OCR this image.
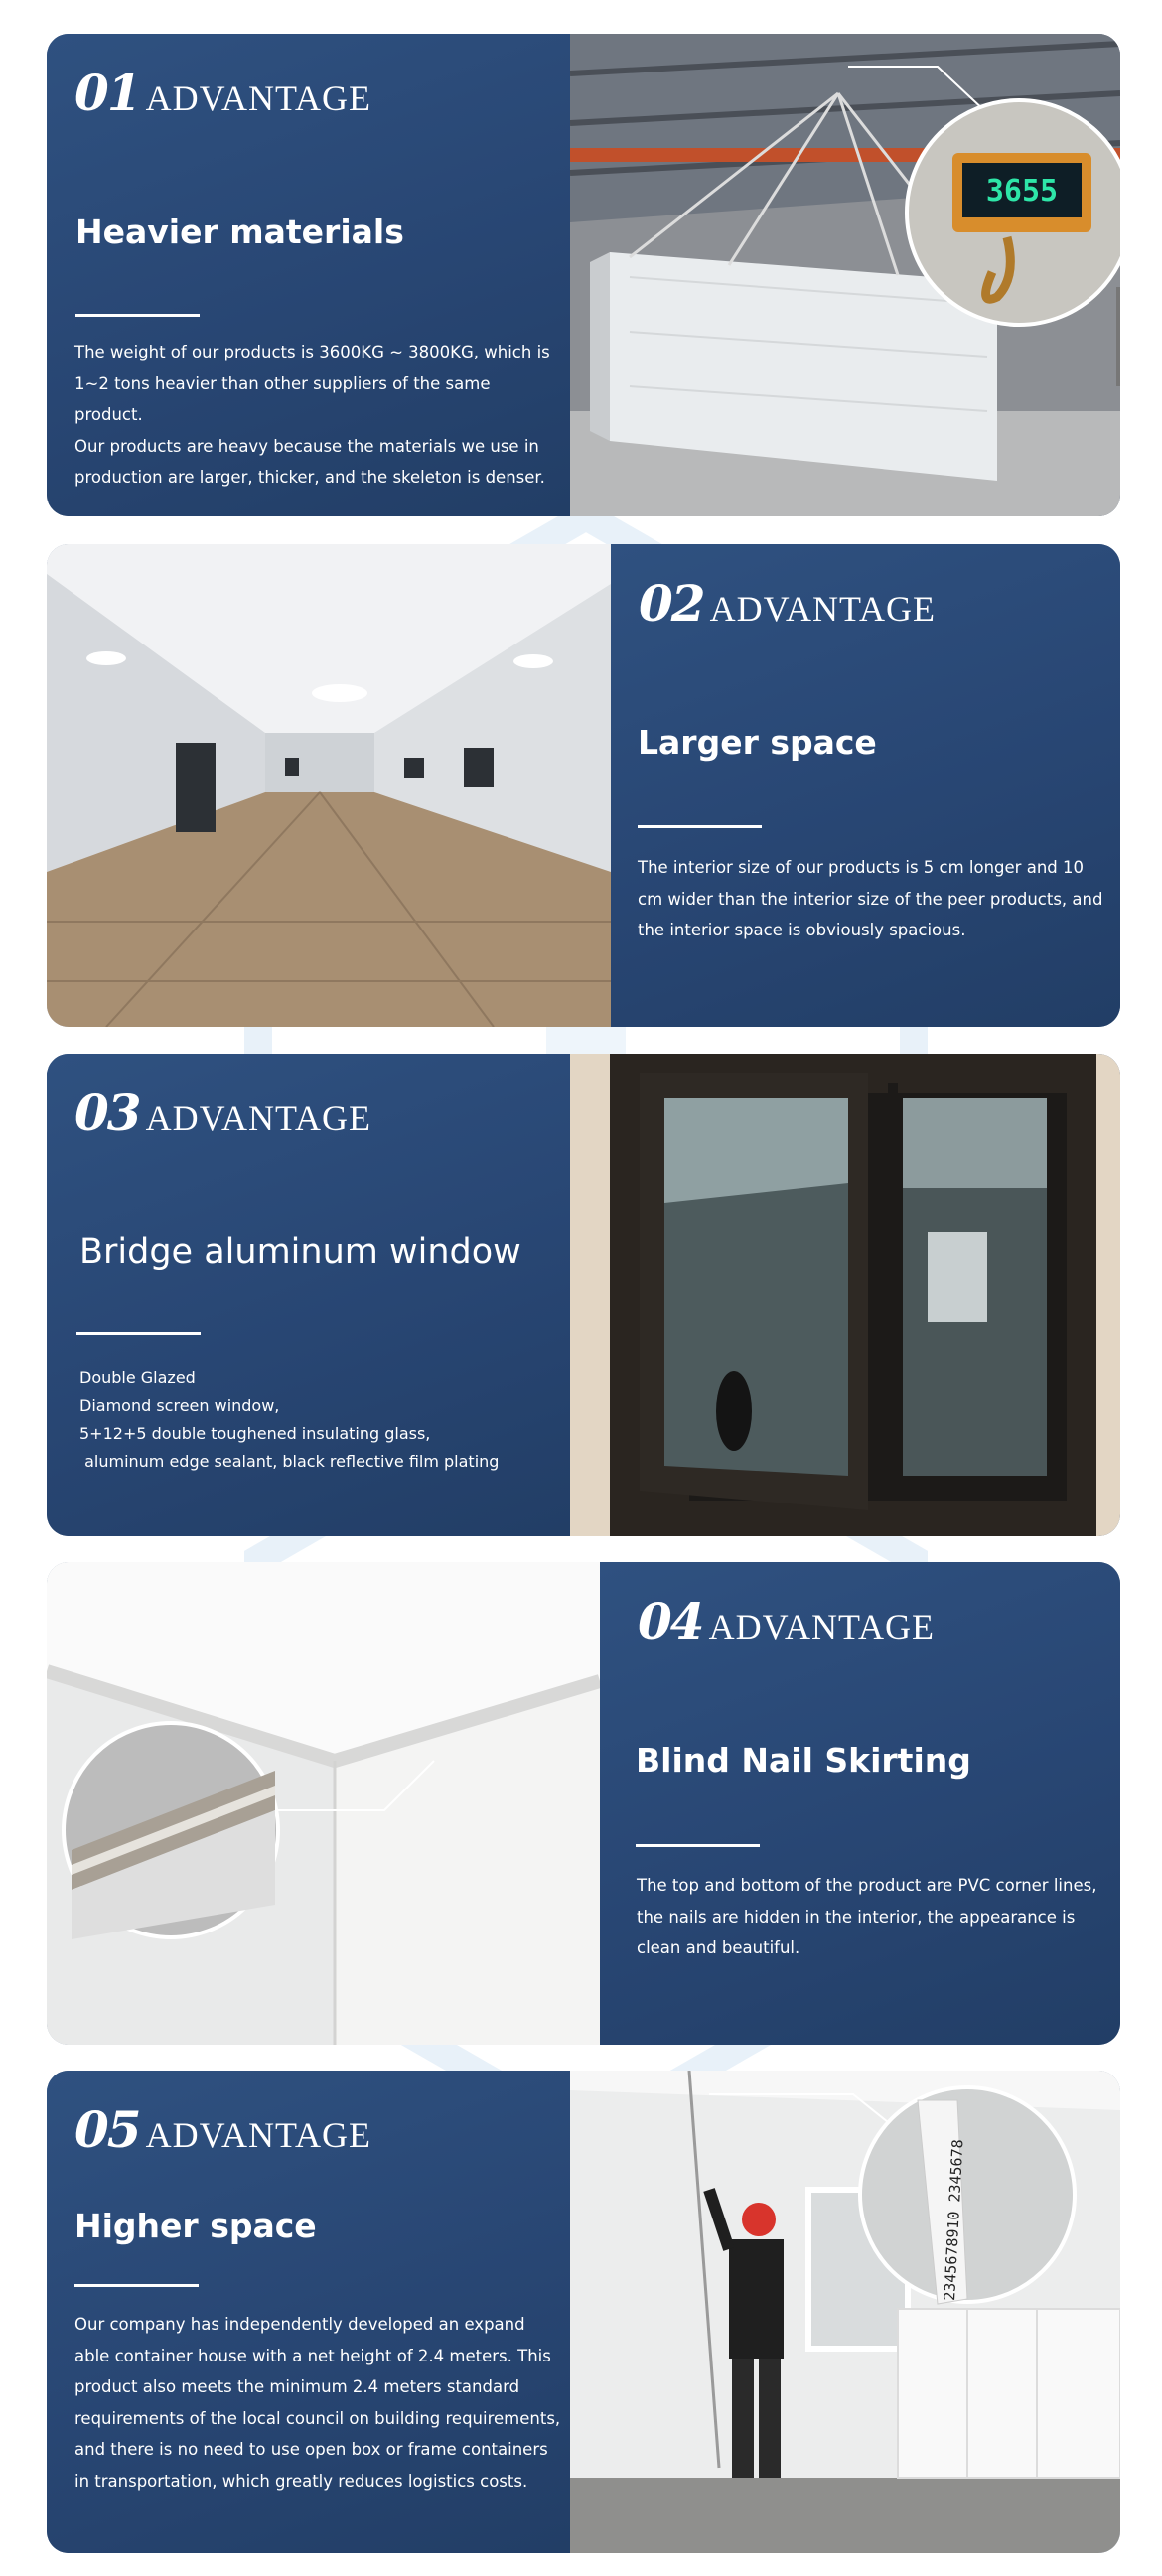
01 ADVANTAGE
Heavier materials

The weight of our products is 3600KG ~ 3800KG, which is 1~2 tons heavier than other suppliers of the same product.

Our products are heavy because the materials we use in production are larger, thicker, and the skeleton is denser.

3655
02 ADVANTAGE
Larger space

The interior size of our products is 5 cm longer and 10 cm wider than the interior size of the peer products, and the interior space is obviously spacious.

03 ADVANTAGE
Bridge aluminum window
Double Glazed
Diamond screen window,
5+12+5 double toughened insulating glass,
aluminum edge sealant, black reflective film plating
04 ADVANTAGE
Blind Nail Skirting

The top and bottom of the product are PVC corner lines, the nails are hidden in the interior, the appearance is clean and beautiful.

05 ADVANTAGE
Higher space

Our company has independently developed an expand able container house with a net height of 2.4 meters. This product also meets the minimum 2.4 meters standard requirements of the local council on building requirements, and there is no need to use open box or frame containers in transportation, which greatly reduces logistics costs.

2345678910 2345678
